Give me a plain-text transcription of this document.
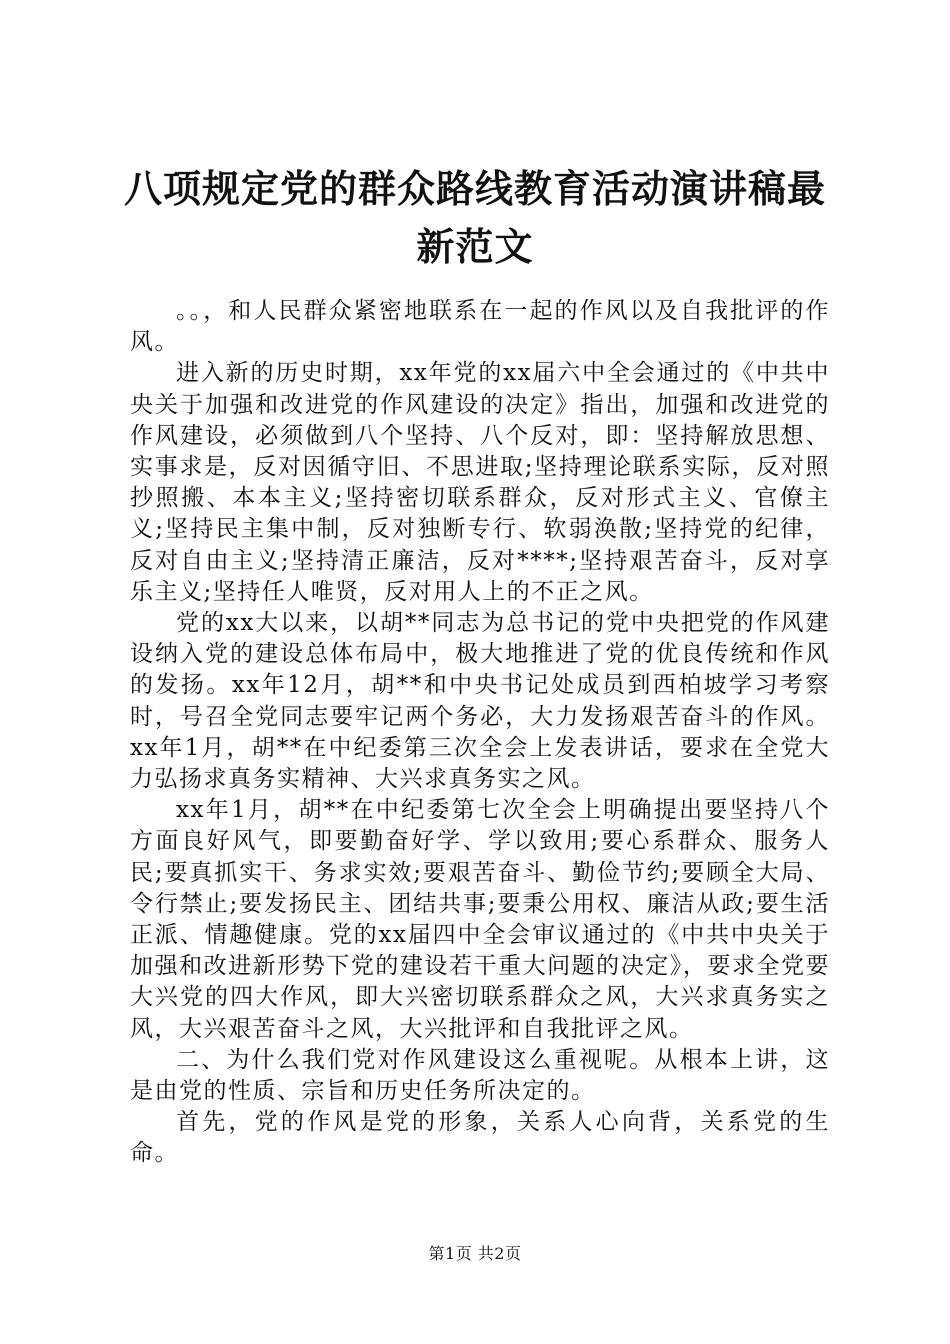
八项规定党的群众路线教育活动演讲稿最新范文

。。，和人民群众紧密地联系在一起的作风以及自我批评的作风。

进入新的历史时期，xx年党的xx届六中全会通过的《中共中央关于加强和改进党的作风建设的决定》指出，加强和改进党的作风建设，必须做到八个坚持、八个反对，即：坚持解放思想、实事求是，反对因循守旧、不思进取;坚持理论联系实际，反对照抄照搬、本本主义;坚持密切联系群众，反对形式主义、官僚主义;坚持民主集中制，反对独断专行、软弱涣散;坚持党的纪律，反对自由主义;坚持清正廉洁，反对****;坚持艰苦奋斗，反对享乐主义;坚持任人唯贤，反对用人上的不正之风。

党的xx大以来，以胡**同志为总书记的党中央把党的作风建设纳入党的建设总体布局中，极大地推进了党的优良传统和作风的发扬。xx年12月，胡**和中央书记处成员到西柏坡学习考察时，号召全党同志要牢记两个务必，大力发扬艰苦奋斗的作风。xx年1月，胡**在中纪委第三次全会上发表讲话，要求在全党大力弘扬求真务实精神、大兴求真务实之风。

xx年1月，胡**在中纪委第七次全会上明确提出要坚持八个方面良好风气，即要勤奋好学、学以致用;要心系群众、服务人民;要真抓实干、务求实效;要艰苦奋斗、勤俭节约;要顾全大局、令行禁止;要发扬民主、团结共事;要秉公用权、廉洁从政;要生活正派、情趣健康。党的xx届四中全会审议通过的《中共中央关于加强和改进新形势下党的建设若干重大问题的决定》，要求全党要大兴党的四大作风，即大兴密切联系群众之风，大兴求真务实之风，大兴艰苦奋斗之风，大兴批评和自我批评之风。

二、为什么我们党对作风建设这么重视呢。从根本上讲，这是由党的性质、宗旨和历史任务所决定的。

首先，党的作风是党的形象，关系人心向背，关系党的生命。

第1页 共2页
